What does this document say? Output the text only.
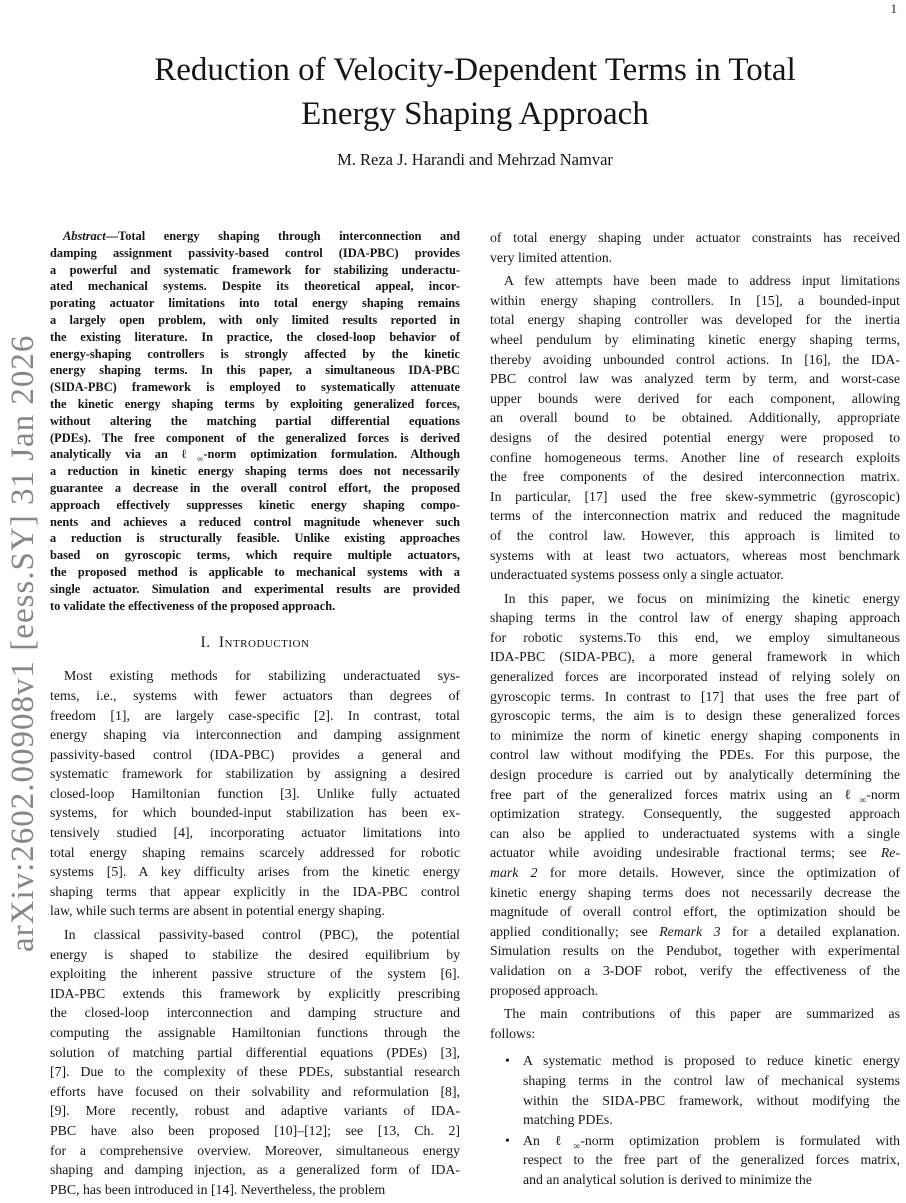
1
arXiv:2602.00908v1 [eess.SY] 31 Jan 2026
Reduction of Velocity-Dependent Terms in Total
Energy Shaping Approach
M. Reza J. Harandi and Mehrzad Namvar
Abstract—Total energy shaping through interconnection and
damping assignment passivity-based control (IDA-PBC) provides
a powerful and systematic framework for stabilizing underactu-
ated mechanical systems. Despite its theoretical appeal, incor-
porating actuator limitations into total energy shaping remains
a largely open problem, with only limited results reported in
the existing literature. In practice, the closed-loop behavior of
energy-shaping controllers is strongly affected by the kinetic
energy shaping terms. In this paper, a simultaneous IDA-PBC
(SIDA-PBC) framework is employed to systematically attenuate
the kinetic energy shaping terms by exploiting generalized forces,
without altering the matching partial differential equations
(PDEs). The free component of the generalized forces is derived
analytically via an ℓ$_\infty$-norm optimization formulation. Although
a reduction in kinetic energy shaping terms does not necessarily
guarantee a decrease in the overall control effort, the proposed
approach effectively suppresses kinetic energy shaping compo-
nents and achieves a reduced control magnitude whenever such
a reduction is structurally feasible. Unlike existing approaches
based on gyroscopic terms, which require multiple actuators,
the proposed method is applicable to mechanical systems with a
single actuator. Simulation and experimental results are provided
to validate the effectiveness of the proposed approach.
I. Introduction
Most existing methods for stabilizing underactuated sys-
tems, i.e., systems with fewer actuators than degrees of
freedom [1], are largely case-specific [2]. In contrast, total
energy shaping via interconnection and damping assignment
passivity-based control (IDA-PBC) provides a general and
systematic framework for stabilization by assigning a desired
closed-loop Hamiltonian function [3]. Unlike fully actuated
systems, for which bounded-input stabilization has been ex-
tensively studied [4], incorporating actuator limitations into
total energy shaping remains scarcely addressed for robotic
systems [5]. A key difficulty arises from the kinetic energy
shaping terms that appear explicitly in the IDA-PBC control
law, while such terms are absent in potential energy shaping.
In classical passivity-based control (PBC), the potential
energy is shaped to stabilize the desired equilibrium by
exploiting the inherent passive structure of the system [6].
IDA-PBC extends this framework by explicitly prescribing
the closed-loop interconnection and damping structure and
computing the assignable Hamiltonian functions through the
solution of matching partial differential equations (PDEs) [3],
[7]. Due to the complexity of these PDEs, substantial research
efforts have focused on their solvability and reformulation [8],
[9]. More recently, robust and adaptive variants of IDA-
PBC have also been proposed [10]–[12]; see [13, Ch. 2]
for a comprehensive overview. Moreover, simultaneous energy
shaping and damping injection, as a generalized form of IDA-
PBC, has been introduced in [14]. Nevertheless, the problem
of total energy shaping under actuator constraints has received
very limited attention.
A few attempts have been made to address input limitations
within energy shaping controllers. In [15], a bounded-input
total energy shaping controller was developed for the inertia
wheel pendulum by eliminating kinetic energy shaping terms,
thereby avoiding unbounded control actions. In [16], the IDA-
PBC control law was analyzed term by term, and worst-case
upper bounds were derived for each component, allowing
an overall bound to be obtained. Additionally, appropriate
designs of the desired potential energy were proposed to
confine homogeneous terms. Another line of research exploits
the free components of the desired interconnection matrix.
In particular, [17] used the free skew-symmetric (gyroscopic)
terms of the interconnection matrix and reduced the magnitude
of the control law. However, this approach is limited to
systems with at least two actuators, whereas most benchmark
underactuated systems possess only a single actuator.
In this paper, we focus on minimizing the kinetic energy
shaping terms in the control law of energy shaping approach
for robotic systems.To this end, we employ simultaneous
IDA-PBC (SIDA-PBC), a more general framework in which
generalized forces are incorporated instead of relying solely on
gyroscopic terms. In contrast to [17] that uses the free part of
gyroscopic terms, the aim is to design these generalized forces
to minimize the norm of kinetic energy shaping components in
control law without modifying the PDEs. For this purpose, the
design procedure is carried out by analytically determining the
free part of the generalized forces matrix using an ℓ$_\infty$-norm
optimization strategy. Consequently, the suggested approach
can also be applied to underactuated systems with a single
actuator while avoiding undesirable fractional terms; see Re-
mark 2 for more details. However, since the optimization of
kinetic energy shaping terms does not necessarily decrease the
magnitude of overall control effort, the optimization should be
applied conditionally; see Remark 3 for a detailed explanation.
Simulation results on the Pendubot, together with experimental
validation on a 3-DOF robot, verify the effectiveness of the
proposed approach.
The main contributions of this paper are summarized as
follows:
• A systematic method is proposed to reduce kinetic energy
shaping terms in the control law of mechanical systems
within the SIDA-PBC framework, without modifying the
matching PDEs.
• An ℓ$_\infty$-norm optimization problem is formulated with
respect to the free part of the generalized forces matrix,
and an analytical solution is derived to minimize the
